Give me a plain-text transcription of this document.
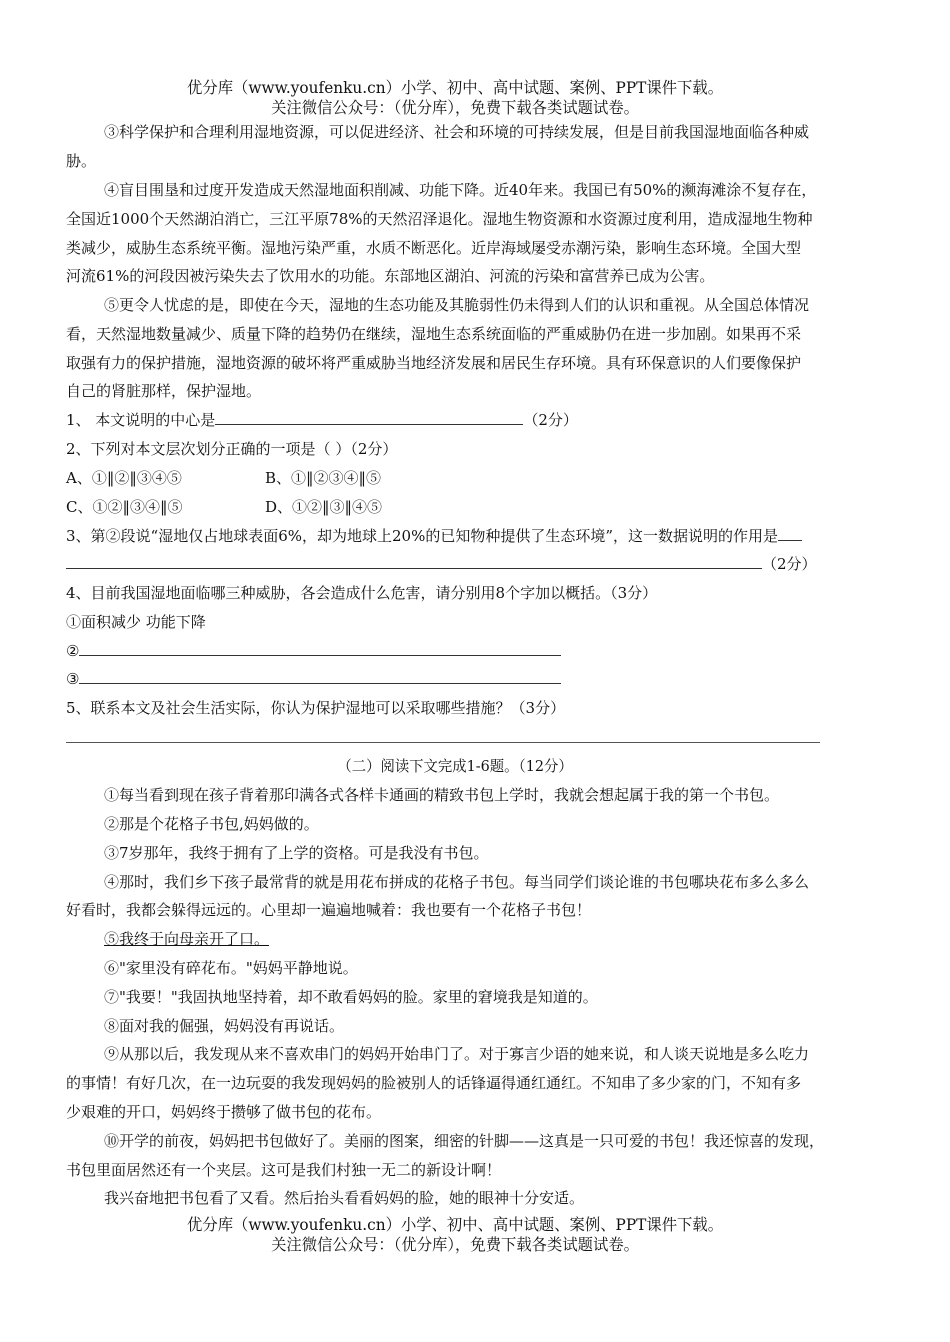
优分库（www.youfenku.cn）小学、初中、高中试题、案例、PPT课件下载。
关注微信公众号：（优分库），免费下载各类试题试卷。
③科学保护和合理利用湿地资源，可以促进经济、社会和环境的可持续发展，但是目前我国湿地面临各种威
胁。
④盲目围垦和过度开发造成天然湿地面积削减、功能下降。近40年来。我国已有50%的濒海滩涂不复存在，
全国近1000个天然湖泊消亡，三江平原78%的天然沼泽退化。湿地生物资源和水资源过度利用，造成湿地生物种
类减少，威胁生态系统平衡。湿地污染严重，水质不断恶化。近岸海域屡受赤潮污染，影响生态环境。全国大型
河流61%的河段因被污染失去了饮用水的功能。东部地区湖泊、河流的污染和富营养已成为公害。
⑤更令人忧虑的是，即使在今天，湿地的生态功能及其脆弱性仍未得到人们的认识和重视。从全国总体情况
看，天然湿地数量减少、质量下降的趋势仍在继续，湿地生态系统面临的严重威胁仍在进一步加剧。如果再不采
取强有力的保护措施，湿地资源的破坏将严重威胁当地经济发展和居民生存环境。具有环保意识的人们要像保护
自己的肾脏那样，保护湿地。
1、 本文说明的中心是	（2分）
2、下列对本文层次划分正确的一项是（ ）（2分）
A、①‖②‖③④⑤	B、①‖②③④‖⑤
C、①②‖③④‖⑤	D、①②‖③‖④⑤
3、第②段说“湿地仅占地球表面6%，却为地球上20%的已知物种提供了生态环境”，这一数据说明的作用是
（2分）
4、目前我国湿地面临哪三种威胁，各会造成什么危害，请分别用8个字加以概括。（3分）
①面积减少 功能下降
②
③
5、联系本文及社会生活实际，你认为保护湿地可以采取哪些措施？（3分）
（二）阅读下文完成1-6题。（12分）
①每当看到现在孩子背着那印满各式各样卡通画的精致书包上学时，我就会想起属于我的第一个书包。
②那是个花格子书包,妈妈做的。
③7岁那年，我终于拥有了上学的资格。可是我没有书包。
④那时，我们乡下孩子最常背的就是用花布拼成的花格子书包。每当同学们谈论谁的书包哪块花布多么多么
好看时，我都会躲得远远的。心里却一遍遍地喊着：我也要有一个花格子书包！
⑤我终于向母亲开了口。
⑥"家里没有碎花布。"妈妈平静地说。
⑦"我要！"我固执地坚持着，却不敢看妈妈的脸。家里的窘境我是知道的。
⑧面对我的倔强，妈妈没有再说话。
⑨从那以后，我发现从来不喜欢串门的妈妈开始串门了。对于寡言少语的她来说，和人谈天说地是多么吃力
的事情！有好几次，在一边玩耍的我发现妈妈的脸被别人的话锋逼得通红通红。不知串了多少家的门，不知有多
少艰难的开口，妈妈终于攒够了做书包的花布。
⑩开学的前夜，妈妈把书包做好了。美丽的图案，细密的针脚——这真是一只可爱的书包！我还惊喜的发现，
书包里面居然还有一个夹层。这可是我们村独一无二的新设计啊！
我兴奋地把书包看了又看。然后抬头看看妈妈的脸，她的眼神十分安适。
优分库（www.youfenku.cn）小学、初中、高中试题、案例、PPT课件下载。
关注微信公众号：（优分库），免费下载各类试题试卷。
